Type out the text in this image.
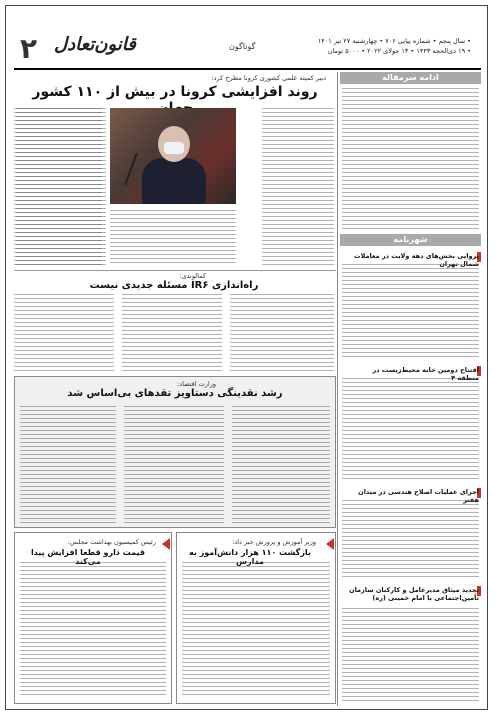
۲ قانون‌تعادل	گوناگون
• سال پنجم • شماره پیاپی ۷۰۶ • چهارشنبه ۲۷ تیر ۱۴۰۱
• ۱۹ ذی‌الحجه ۱۴۴۳ • ۱۳ جولای ۲۰۲۲ • ۵۰۰۰ تومان
دبیر کمیته علمی کشوری کرونا مطرح کرد:
روند افزایشی کرونا در بیش از ۱۱۰ کشور
کمالوندی:
راه‌اندازی IR۶ مسئله جدیدی نیست
وزارت اقتصاد:
رشد نقدینگی دستاویز تقدهای بی‌اساس شد
رئیس کمیسیون بهداشت مجلس:
قیمت دارو قطعا افزایش پیدا می‌کند
وزیر آموزش و پرورش خبر داد:
بازگشت ۱۱۰ هزار دانش‌آموز به مدارس
ادامه سرمقاله
شهرنامه
پرواپی بخش‌های دهه ولایت در معاملات شمال تهران
افتتاح دومین خانه محیط‌زیست در منطقه ۴
اجرای عملیات اصلاح هندسی در میدان هفتر
تجدید میثاق مدیرعامل و کارکنان سازمان تأمین‌اجتماعی با امام خمینی (ره)
